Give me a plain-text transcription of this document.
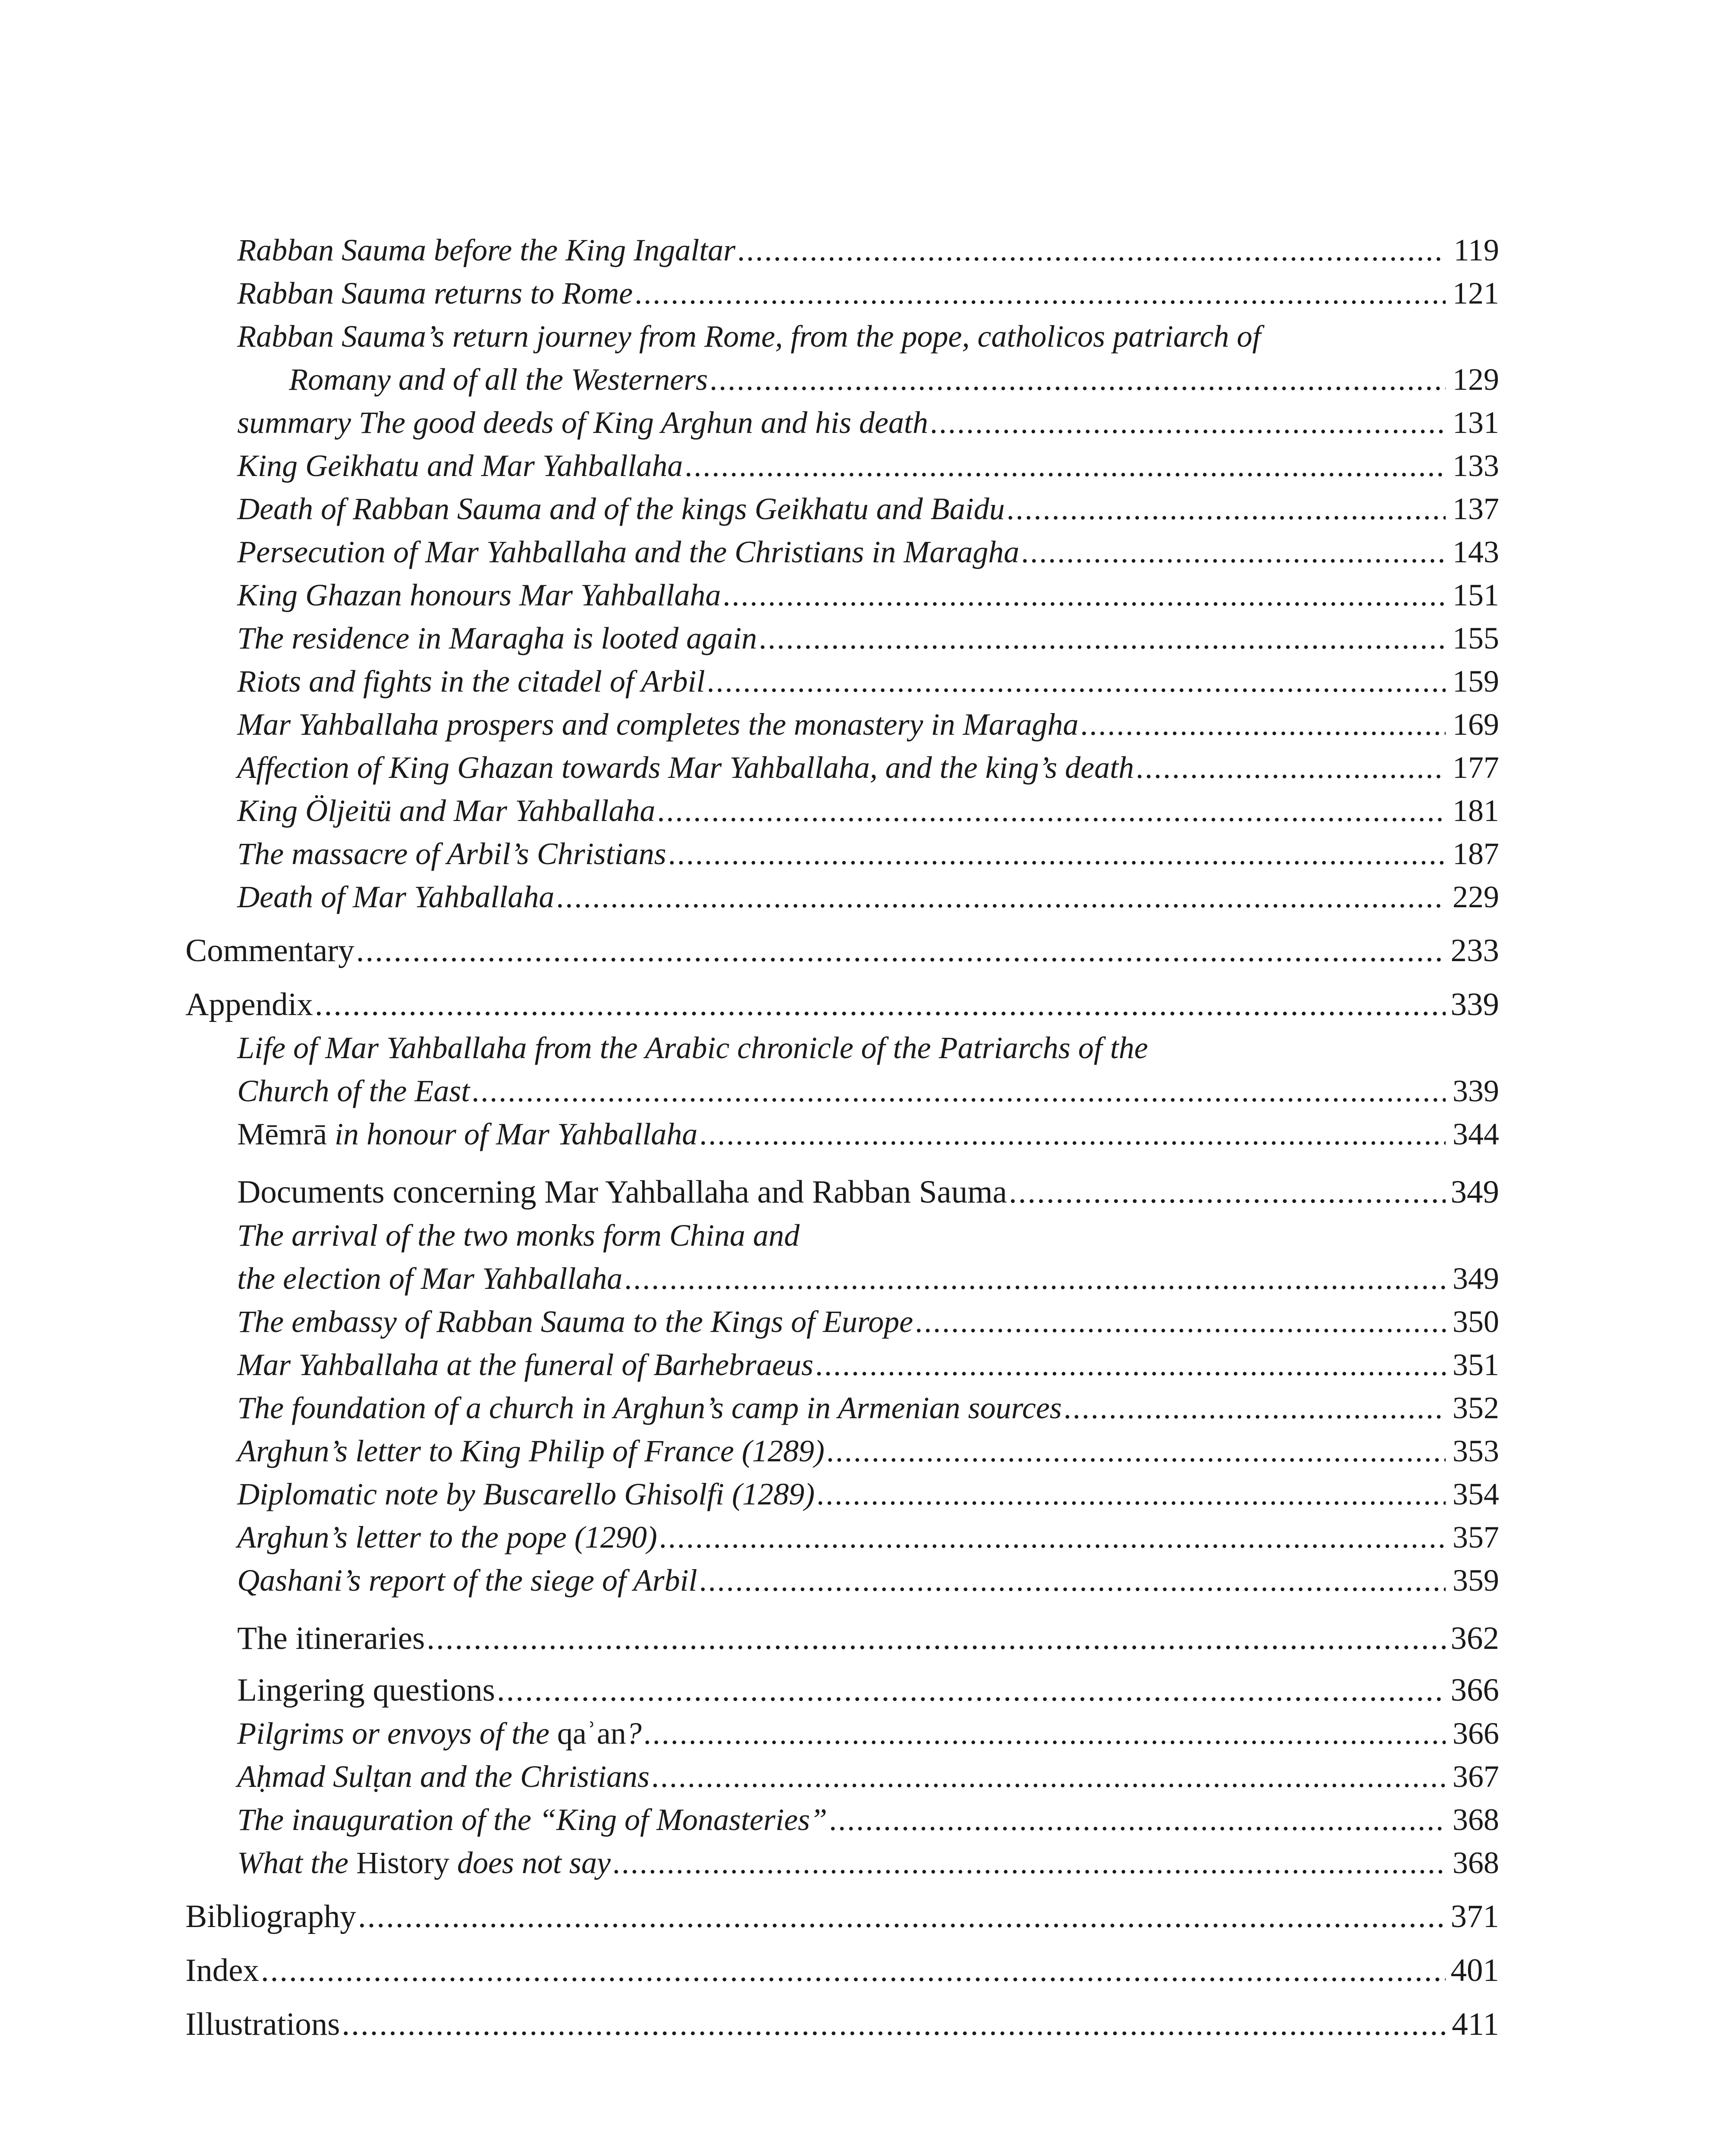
Rabban Sauma before the King Ingaltar .....	119
Rabban Sauma returns to Rome .....	121
Rabban Sauma’s return journey from Rome, from the pope, catholicos patriarch of
Romany and of all the Westerners .....	129
summary The good deeds of King Arghun and his death .....	131
King Geikhatu and Mar Yahballaha .....	133
Death of Rabban Sauma and of the kings Geikhatu and Baidu .....	137
Persecution of Mar Yahballaha and the Christians in Maragha .....	143
King Ghazan honours Mar Yahballaha .....	151
The residence in Maragha is looted again .....	155
Riots and fights in the citadel of Arbil .....	159
Mar Yahballaha prospers and completes the monastery in Maragha .....	169
Affection of King Ghazan towards Mar Yahballaha, and the king’s death .....	177
King Öljeitü and Mar Yahballaha .....	181
The massacre of Arbil’s Christians .....	187
Death of Mar Yahballaha .....	229
Commentary .....	233
Appendix .....	339
Life of Mar Yahballaha from the Arabic chronicle of the Patriarchs of the
Church of the East .....	339
Mēmrā in honour of Mar Yahballaha .....	344
Documents concerning Mar Yahballaha and Rabban Sauma .....	349
The arrival of the two monks form China and
the election of Mar Yahballaha .....	349
The embassy of Rabban Sauma to the Kings of Europe .....	350
Mar Yahballaha at the funeral of Barhebraeus .....	351
The foundation of a church in Arghun’s camp in Armenian sources .....	352
Arghun’s letter to King Philip of France (1289) .....	353
Diplomatic note by Buscarello Ghisolfi (1289) .....	354
Arghun’s letter to the pope (1290) .....	357
Qashani’s report of the siege of Arbil .....	359
The itineraries .....	362
Lingering questions .....	366
Pilgrims or envoys of the qaʾan? .....	366
Aḥmad Sulṭan and the Christians .....	367
The inauguration of the “King of Monasteries” .....	368
What the History does not say .....	368
Bibliography .....	371
Index .....	401
Illustrations .....	411
